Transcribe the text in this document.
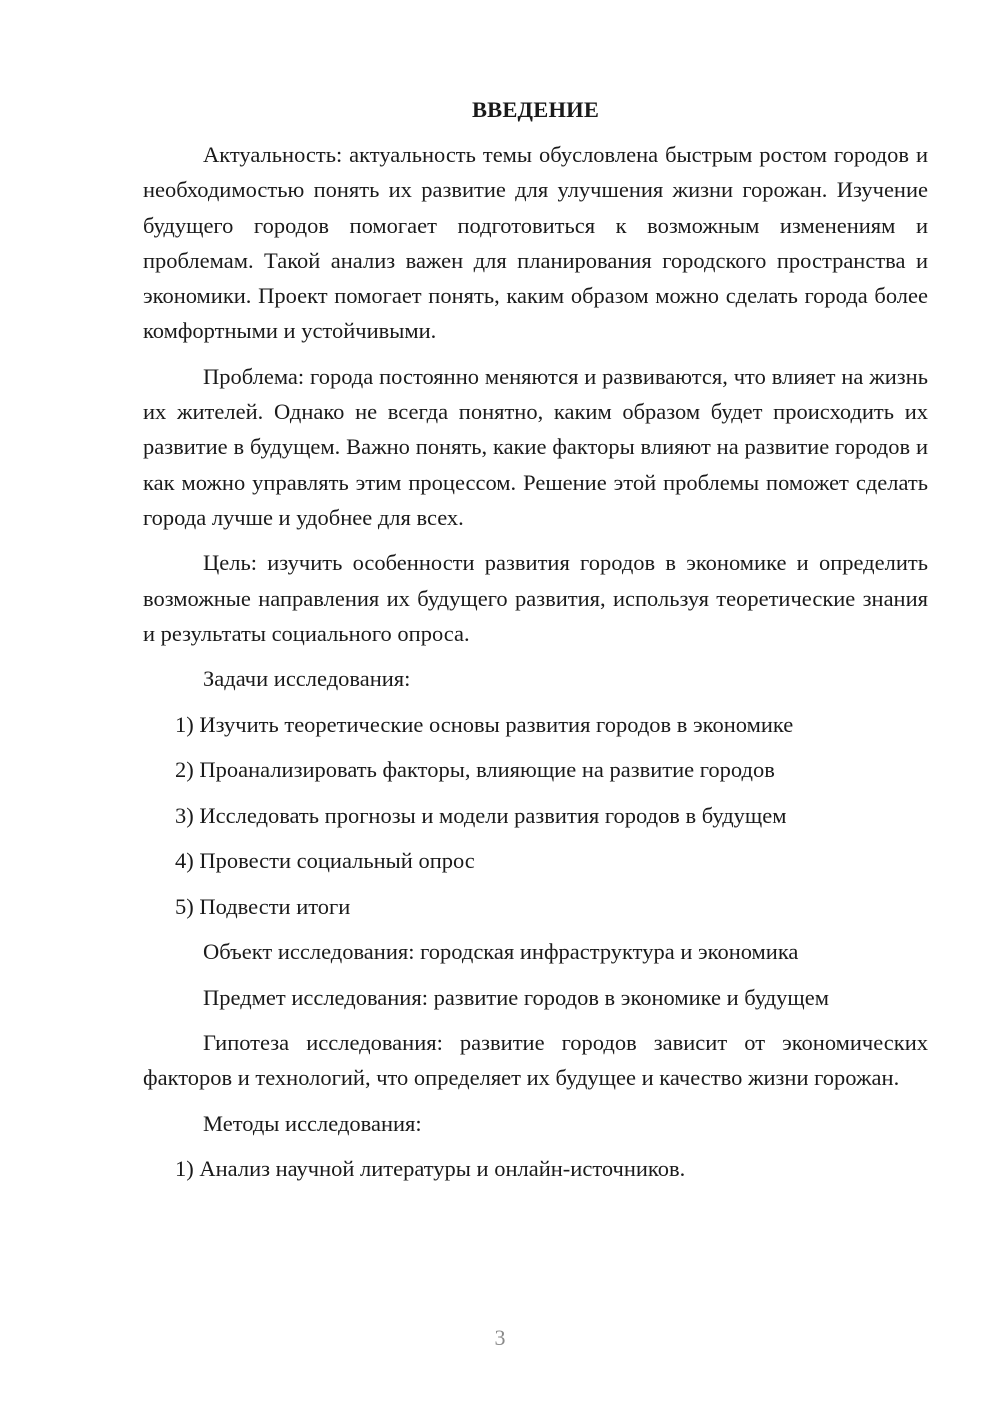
ВВЕДЕНИЕ

Актуальность: актуальность темы обусловлена быстрым ростом городов и необходимостью понять их развитие для улучшения жизни горожан. Изучение будущего городов помогает подготовиться к возможным изменениям и проблемам. Такой анализ важен для планирования городского пространства и экономики. Проект помогает понять, каким образом можно сделать города более комфортными и устойчивыми.

Проблема: города постоянно меняются и развиваются, что влияет на жизнь их жителей. Однако не всегда понятно, каким образом будет происходить их развитие в будущем. Важно понять, какие факторы влияют на развитие городов и как можно управлять этим процессом. Решение этой проблемы поможет сделать города лучше и удобнее для всех.

Цель: изучить особенности развития городов в экономике и определить возможные направления их будущего развития, используя теоретические знания и результаты социального опроса.

Задачи исследования:
1) Изучить теоретические основы развития городов в экономике
2) Проанализировать факторы, влияющие на развитие городов
3) Исследовать прогнозы и модели развития городов в будущем
4) Провести социальный опрос
5) Подвести итоги
Объект исследования: городская инфраструктура и экономика
Предмет исследования: развитие городов в экономике и будущем

Гипотеза исследования: развитие городов зависит от экономических факторов и технологий, что определяет их будущее и качество жизни горожан.

Методы исследования:
1) Анализ научной литературы и онлайн-источников.
3
